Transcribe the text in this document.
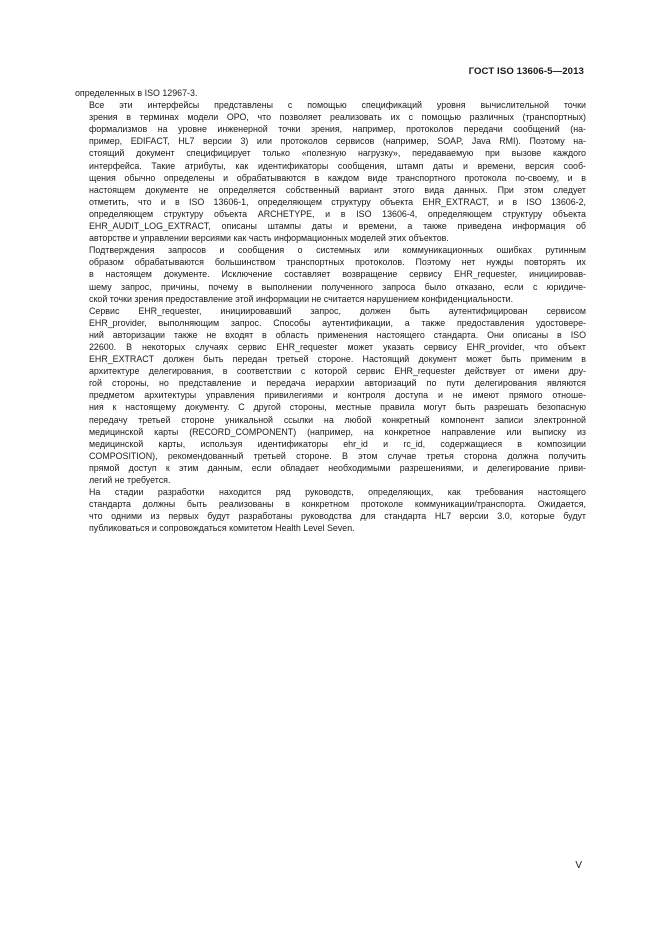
ГОСТ ISO 13606-5—2013

определенных в ISO 12967-3.

Все эти интерфейсы представлены с помощью спецификаций уровня вычислительной точки
зрения в терминах модели ОРО, что позволяет реализовать их с помощью различных (транспортных)
формализмов на уровне инженерной точки зрения, например, протоколов передачи сообщений (на-
пример, EDIFACT, HL7 версии 3) или протоколов сервисов (например, SOAP, Java RMI). Поэтому на-
стоящий документ специфицирует только «полезную нагрузку», передаваемую при вызове каждого
интерфейса. Такие атрибуты, как идентификаторы сообщения, штамп даты и времени, версия сооб-
щения обычно определены и обрабатываются в каждом виде транспортного протокола по-своему, и в
настоящем документе не определяется собственный вариант этого вида данных. При этом следует
отметить, что и в ISO 13606-1, определяющем структуру объекта EHR_EXTRACT, и в ISO 13606-2,
определяющем структуру объекта ARCHETYPE, и в ISO 13606-4, определяющем структуру объекта
EHR_AUDIT_LOG_EXTRACT, описаны штампы даты и времени, а также приведена информация об
авторстве и управлении версиями как часть информационных моделей этих объектов.

Подтверждения запросов и сообщения о системных или коммуникационных ошибках рутинным
образом обрабатываются большинством транспортных протоколов. Поэтому нет нужды повторять их
в настоящем документе. Исключение составляет возвращение сервису EHR_requester, инициировав-
шему запрос, причины, почему в выполнении полученного запроса было отказано, если с юридиче-
ской точки зрения предоставление этой информации не считается нарушением конфиденциальности.

Сервис EHR_requester, инициировавший запрос, должен быть аутентифицирован сервисом
EHR_provider, выполняющим запрос. Способы аутентификации, а также предоставления удостовере-
ний авторизации также не входят в область применения настоящего стандарта. Они описаны в ISO
22600. В некоторых случаях сервис EHR_requester может указать сервису EHR_provider, что объект
EHR_EXTRACT должен быть передан третьей стороне. Настоящий документ может быть применим в
архитектуре делегирования, в соответствии с которой сервис EHR_requester действует от имени дру-
гой стороны, но представление и передача иерархии авторизаций по пути делегирования являются
предметом архитектуры управления привилегиями и контроля доступа и не имеют прямого отноше-
ния к настоящему документу. С другой стороны, местные правила могут быть разрешать безопасную
передачу третьей стороне уникальной ссылки на любой конкретный компонент записи электронной
медицинской карты (RECORD_COMPONENT) (например, на конкретное направление или выписку из
медицинской карты, используя идентификаторы ehr_id и rc_id, содержащиеся в композиции
COMPOSITION), рекомендованный третьей стороне. В этом случае третья сторона должна получить
прямой доступ к этим данным, если обладает необходимыми разрешениями, и делегирование приви-
легий не требуется.

На стадии разработки находится ряд руководств, определяющих, как требования настоящего
стандарта должны быть реализованы в конкретном протоколе коммуникации/транспорта. Ожидается,
что одними из первых будут разработаны руководства для стандарта HL7 версии 3.0, которые будут
публиковаться и сопровождаться комитетом Health Level Seven.

V
